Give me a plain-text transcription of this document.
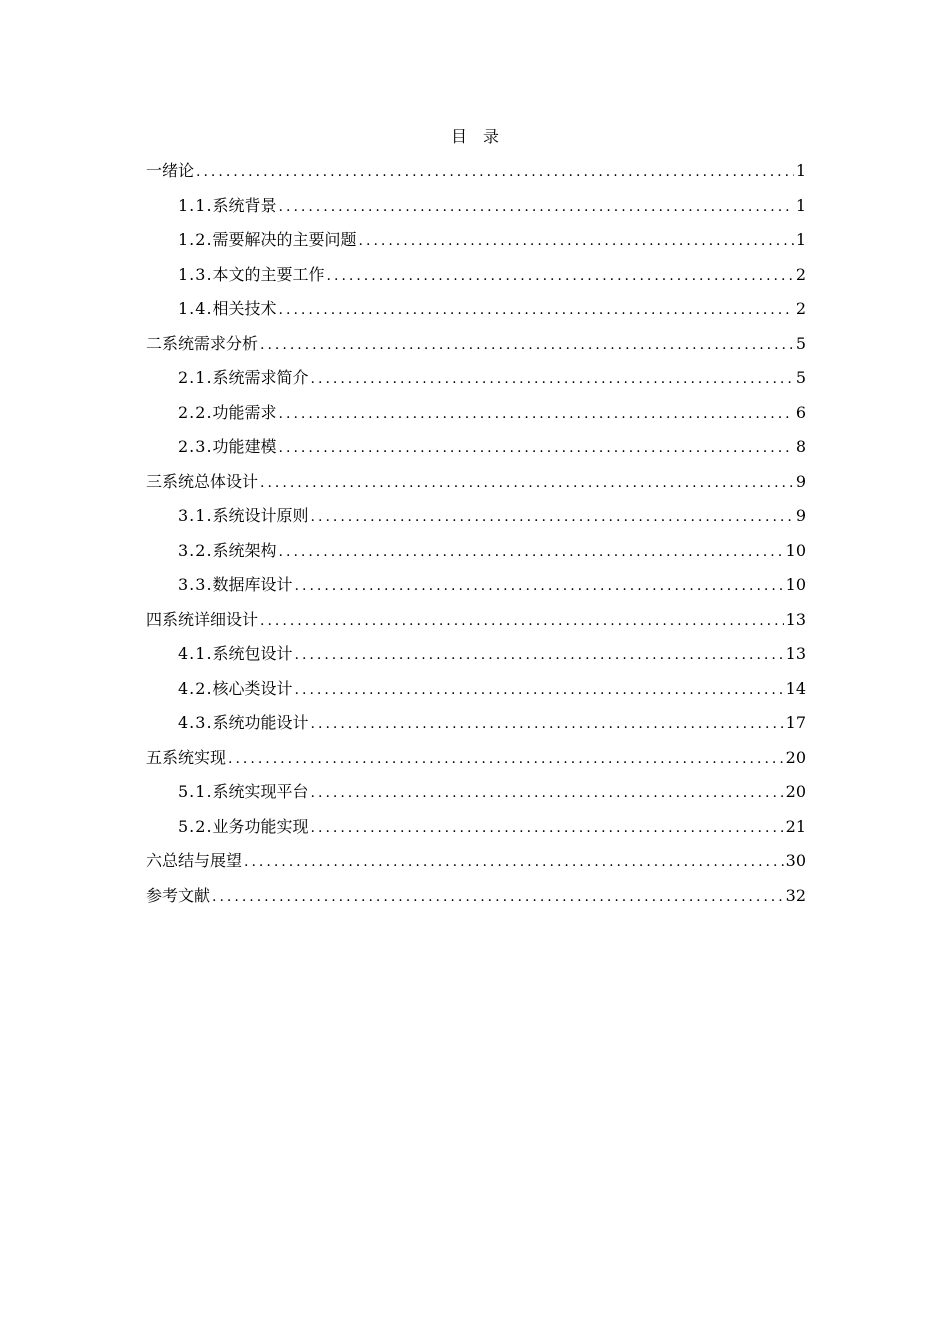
目　录
一 绪论 .....	1
1.1. 系统背景 .....	1
1.2. 需要解决的主要问题 .....	1
1.3. 本文的主要工作 .....	2
1.4. 相关技术 .....	2
二 系统需求分析 .....	5
2.1. 系统需求简介 .....	5
2.2. 功能需求 .....	6
2.3. 功能建模 .....	8
三 系统总体设计 .....	9
3.1. 系统设计原则 .....	9
3.2. 系统架构 .....	10
3.3. 数据库设计 .....	10
四 系统详细设计 .....	13
4.1. 系统包设计 .....	13
4.2. 核心类设计 .....	14
4.3. 系统功能设计 .....	17
五 系统实现 .....	20
5.1. 系统实现平台 .....	20
5.2. 业务功能实现 .....	21
六 总结与展望 .....	30
参考文献 .....	32
